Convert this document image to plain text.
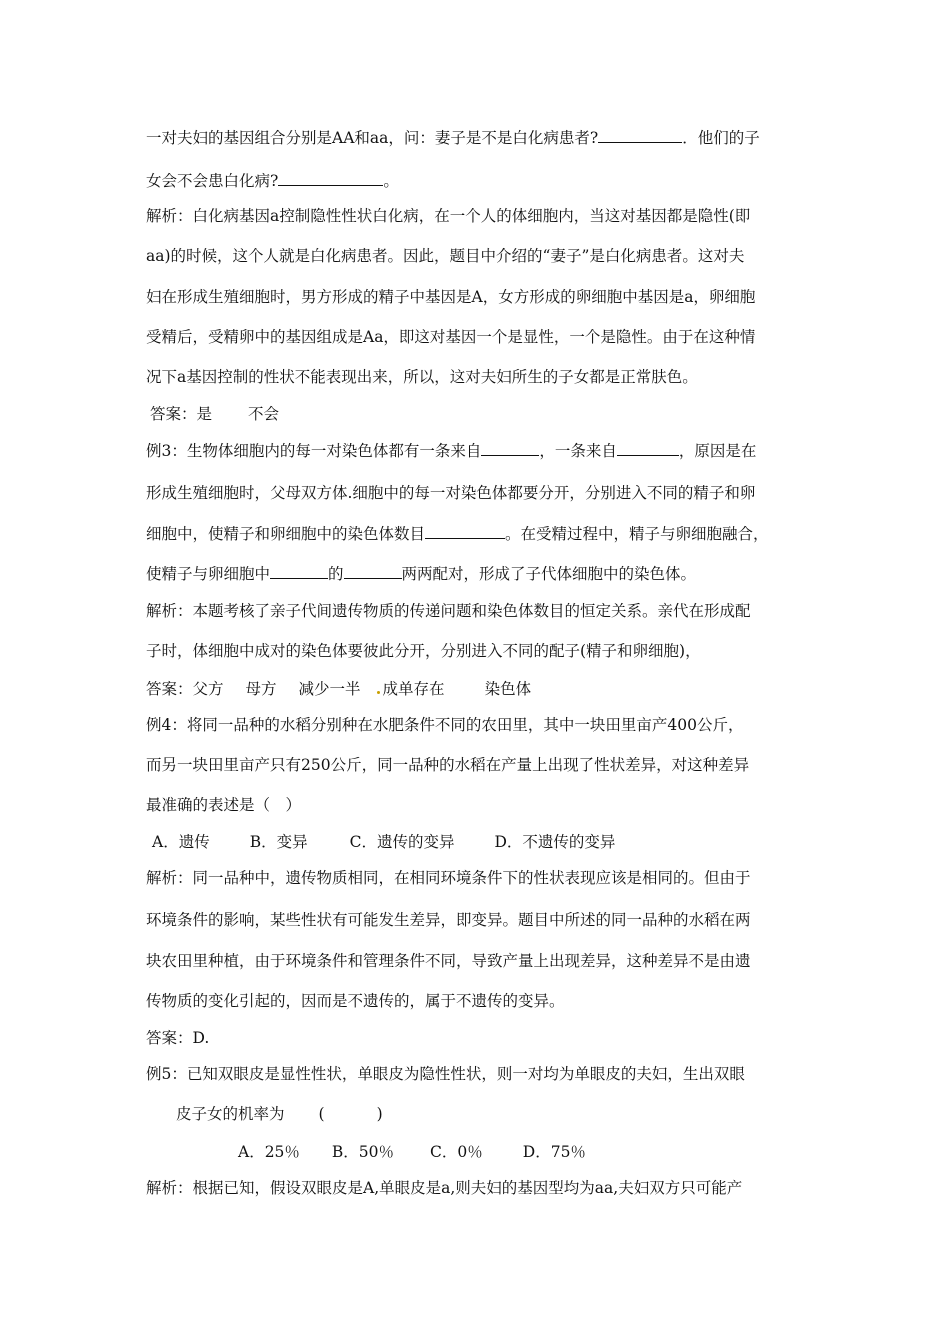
一对夫妇的基因组合分别是AA和aa，问：妻子是不是白化病患者?	．他们的子
女会不会患白化病?	。
解析：白化病基因a控制隐性性状白化病，在一个人的体细胞内，当这对基因都是隐性(即
aa)的时候，这个人就是白化病患者。因此，题目中介绍的“妻子”是白化病患者。这对夫
妇在形成生殖细胞时，男方形成的精子中基因是A，女方形成的卵细胞中基因是a，卵细胞
受精后，受精卵中的基因组成是Aa，即这对基因一个是显性，一个是隐性。由于在这种情
况下a基因控制的性状不能表现出来，所以，这对夫妇所生的子女都是正常肤色。
答案：是 不会
例3：生物体细胞内的每一对染色体都有一条来自	，一条来自	，原因是在
形成生殖细胞时，父母双方体.细胞中的每一对染色体都要分开，分别进入不同的精子和卵
细胞中，使精子和卵细胞中的染色体数目	。在受精过程中，精子与卵细胞融合，
使精子与卵细胞中	的	两两配对，形成了子代体细胞中的染色体。
解析：本题考核了亲子代间遗传物质的传递问题和染色体数目的恒定关系。亲代在形成配
子时，体细胞中成对的染色体要彼此分开，分别进入不同的配子(精子和卵细胞)，
答案：父方 母方 减少一半 成单存在	染色体
例4：将同一品种的水稻分别种在水肥条件不同的农田里，其中一块田里亩产400公斤，
而另一块田里亩产只有250公斤，同一品种的水稻在产量上出现了性状差异，对这种差异
最准确的表述是（　）
A．遗传	B．变异	C．遗传的变异	D．不遗传的变异
解析：同一品种中，遗传物质相同，在相同环境条件下的性状表现应该是相同的。但由于
环境条件的影响，某些性状有可能发生差异，即变异。题目中所述的同一品种的水稻在两
块农田里种植，由于环境条件和管理条件不同，导致产量上出现差异，这种差异不是由遗
传物质的变化引起的，因而是不遗传的，属于不遗传的变异。
答案：D.
例5：已知双眼皮是显性性状，单眼皮为隐性性状，则一对均为单眼皮的夫妇，生出双眼
皮子女的机率为 (	)
A．25％ B．50％ C．0％	D．75％
解析：根据已知，假设双眼皮是A,单眼皮是a,则夫妇的基因型均为aa,夫妇双方只可能产
